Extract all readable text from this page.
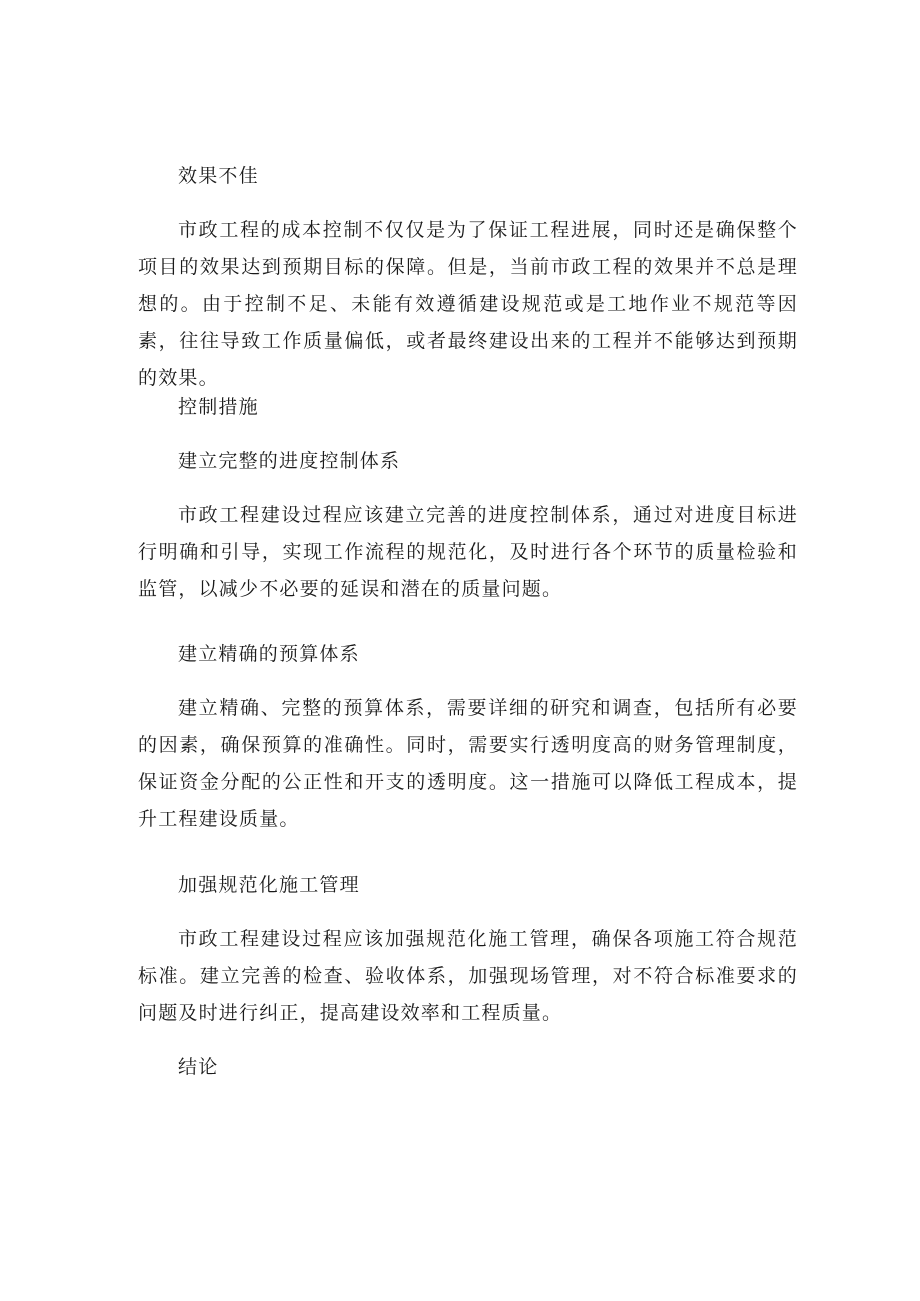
效果不佳

市政工程的成本控制不仅仅是为了保证工程进展，同时还是确保整个项目的效果达到预期目标的保障。但是，当前市政工程的效果并不总是理想的。由于控制不足、未能有效遵循建设规范或是工地作业不规范等因素，往往导致工作质量偏低，或者最终建设出来的工程并不能够达到预期的效果。

控制措施

建立完整的进度控制体系

市政工程建设过程应该建立完善的进度控制体系，通过对进度目标进行明确和引导，实现工作流程的规范化，及时进行各个环节的质量检验和监管，以减少不必要的延误和潜在的质量问题。

建立精确的预算体系

建立精确、完整的预算体系，需要详细的研究和调查，包括所有必要的因素，确保预算的准确性。同时，需要实行透明度高的财务管理制度，保证资金分配的公正性和开支的透明度。这一措施可以降低工程成本，提升工程建设质量。

加强规范化施工管理

市政工程建设过程应该加强规范化施工管理，确保各项施工符合规范标准。建立完善的检查、验收体系，加强现场管理，对不符合标准要求的问题及时进行纠正，提高建设效率和工程质量。

结论
